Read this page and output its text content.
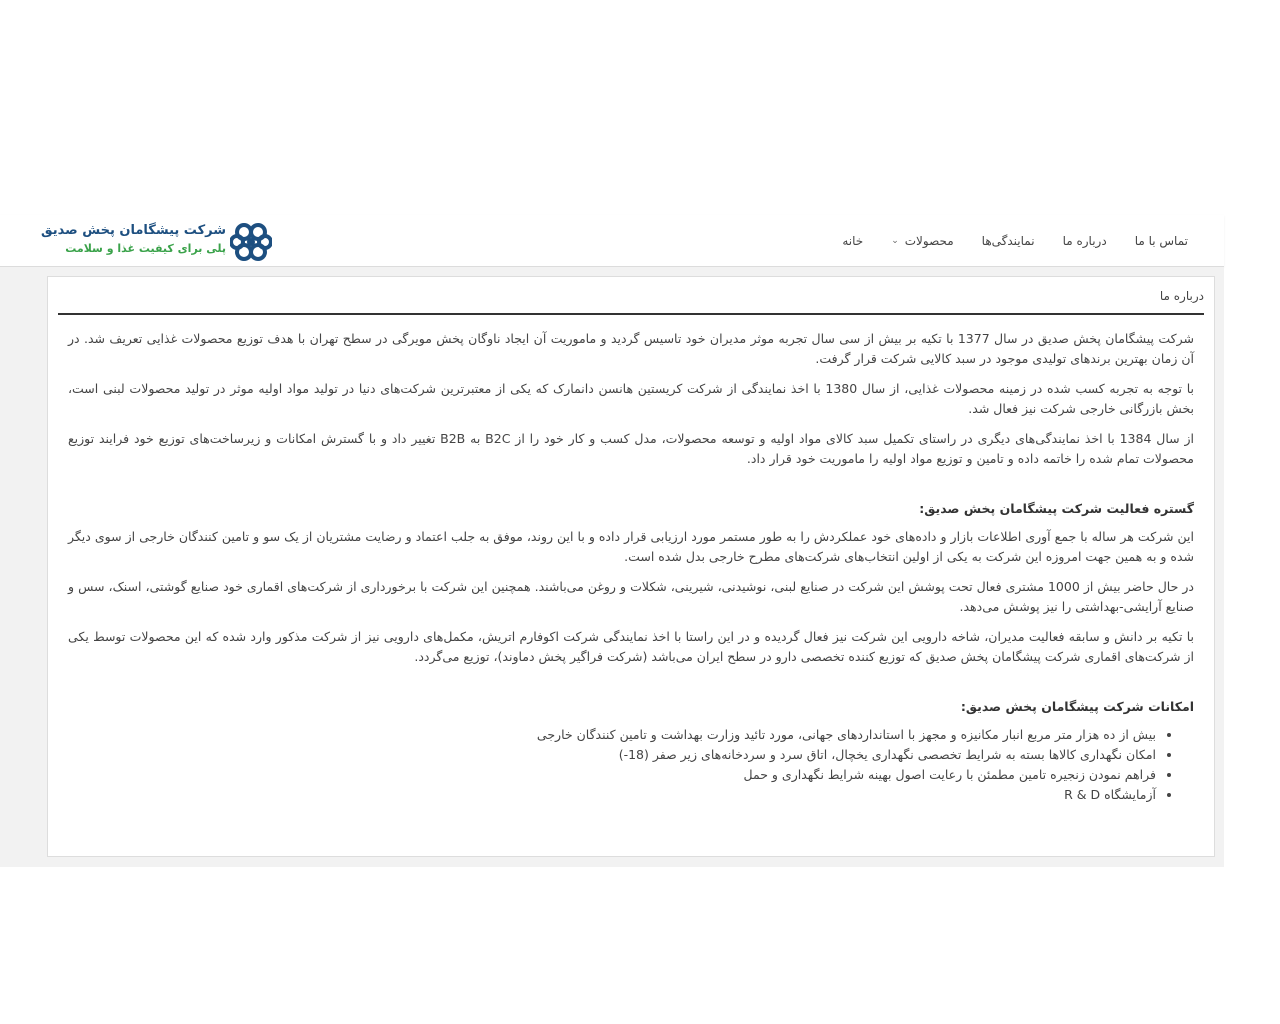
شرکت پیشگامان پخش صدیق
پلی برای کیفیت غذا و سلامت
خانه	محصولات
⌄	نمایندگی‌ها درباره ما تماس با ما
درباره ما

شرکت پیشگامان پخش صدیق در سال 1377 با تکیه بر بیش از سی سال تجربه موثر مدیران خود تاسیس گردید و ماموریت آن ایجاد ناوگان پخش مویرگی در سطح تهران با هدف توزیع محصولات غذایی تعریف شد. در آن زمان بهترین برندهای تولیدی موجود در سبد کالایی شرکت قرار گرفت.

با توجه به تجربه کسب شده در زمینه محصولات غذایی، از سال 1380 با اخذ نمایندگی از شرکت کریستین هانسن دانمارک که یکی از معتبرترین شرکت‌های دنیا در تولید مواد اولیه موثر در تولید محصولات لبنی است، بخش بازرگانی خارجی شرکت نیز فعال شد.

از سال 1384 با اخذ نمایندگی‌های دیگری در راستای تکمیل سبد کالای مواد اولیه و توسعه محصولات، مدل کسب و کار خود را از B2C به B2B تغییر داد و با گسترش امکانات و زیرساخت‌های توزیع خود فرایند توزیع محصولات تمام شده را خاتمه داده و تامین و توزیع مواد اولیه را ماموریت خود قرار داد.

گستره فعالیت شرکت پیشگامان پخش صدیق:

این شرکت هر ساله با جمع آوری اطلاعات بازار و داده‌های خود عملکردش را به طور مستمر مورد ارزیابی قرار داده و با این روند، موفق به جلب اعتماد و رضایت مشتریان از یک سو و تامین کنندگان خارجی از سوی دیگر شده و به همین جهت امروزه این شرکت به یکی از اولین انتخاب‌های شرکت‌های مطرح خارجی بدل شده است.

در حال حاضر بیش از 1000 مشتری فعال تحت پوشش این شرکت در صنایع لبنی، نوشیدنی، شیرینی، شکلات و روغن می‌باشند. همچنین این شرکت با برخورداری از شرکت‌های اقماری خود صنایع گوشتی، اسنک، سس و صنایع آرایشی-بهداشتی را نیز پوشش می‌دهد.

با تکیه بر دانش و سابقه فعالیت مدیران، شاخه دارویی این شرکت نیز فعال گردیده و در این راستا با اخذ نمایندگی شرکت اکوفارم اتریش، مکمل‌های دارویی نیز از شرکت مذکور وارد شده که این محصولات توسط یکی از شرکت‌های اقماری شرکت پیشگامان پخش صدیق که توزیع کننده تخصصی دارو در سطح ایران می‌باشد (شرکت فراگیر پخش دماوند)، توزیع می‌گردد.

امکانات شرکت پیشگامان پخش صدیق:
• بیش از ده هزار متر مربع انبار مکانیزه و مجهز با استانداردهای جهانی، مورد تائید وزارت بهداشت و تامین کنندگان خارجی
• امکان نگهداری کالاها بسته به شرایط تخصصی نگهداری یخچال، اتاق سرد و سردخانه‌های زیر صفر (18-)
• فراهم نمودن زنجیره تامین مطمئن با رعایت اصول بهینه شرایط نگهداری و حمل
• آزمایشگاه R & D
